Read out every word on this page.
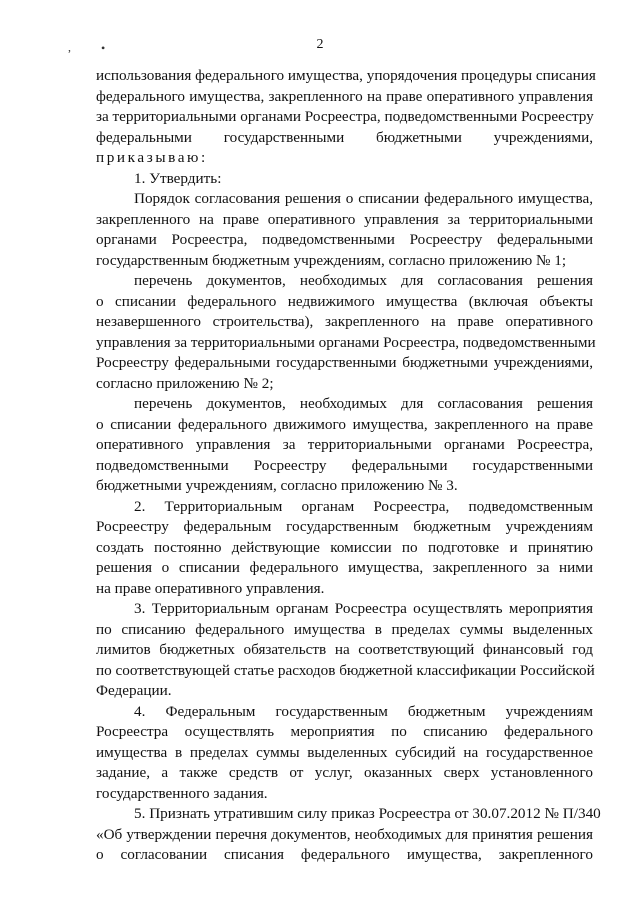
2
,	•

использования федерального имущества, упорядочения процедуры списания
федерального имущества, закрепленного на праве оперативного управления
за территориальными органами Росреестра, подведомственными Росреестру
федеральными государственными бюджетными учреждениями,

приказываю:

1. Утвердить:

Порядок согласования решения о списании федерального имущества,
закрепленного на праве оперативного управления за территориальными
органами Росреестра, подведомственными Росреестру федеральными
государственным бюджетным учреждениям, согласно приложению № 1;

перечень документов, необходимых для согласования решения
о списании федерального недвижимого имущества (включая объекты
незавершенного строительства), закрепленного на праве оперативного
управления за территориальными органами Росреестра, подведомственными
Росреестру федеральными государственными бюджетными учреждениями,
согласно приложению № 2;

перечень документов, необходимых для согласования решения
о списании федерального движимого имущества, закрепленного на праве
оперативного управления за территориальными органами Росреестра,
подведомственными Росреестру федеральными государственными
бюджетными учреждениям, согласно приложению № 3.

2. Территориальным органам Росреестра, подведомственным
Росреестру федеральным государственным бюджетным учреждениям
создать постоянно действующие комиссии по подготовке и принятию
решения о списании федерального имущества, закрепленного за ними
на праве оперативного управления.

3. Территориальным органам Росреестра осуществлять мероприятия
по списанию федерального имущества в пределах суммы выделенных
лимитов бюджетных обязательств на соответствующий финансовый год
по соответствующей статье расходов бюджетной классификации Российской
Федерации.

4. Федеральным государственным бюджетным учреждениям
Росреестра осуществлять мероприятия по списанию федерального
имущества в пределах суммы выделенных субсидий на государственное
задание, а также средств от услуг, оказанных сверх установленного
государственного задания.

5. Признать утратившим силу приказ Росреестра от 30.07.2012 № П/340
«Об утверждении перечня документов, необходимых для принятия решения
о согласовании списания федерального имущества, закрепленного
